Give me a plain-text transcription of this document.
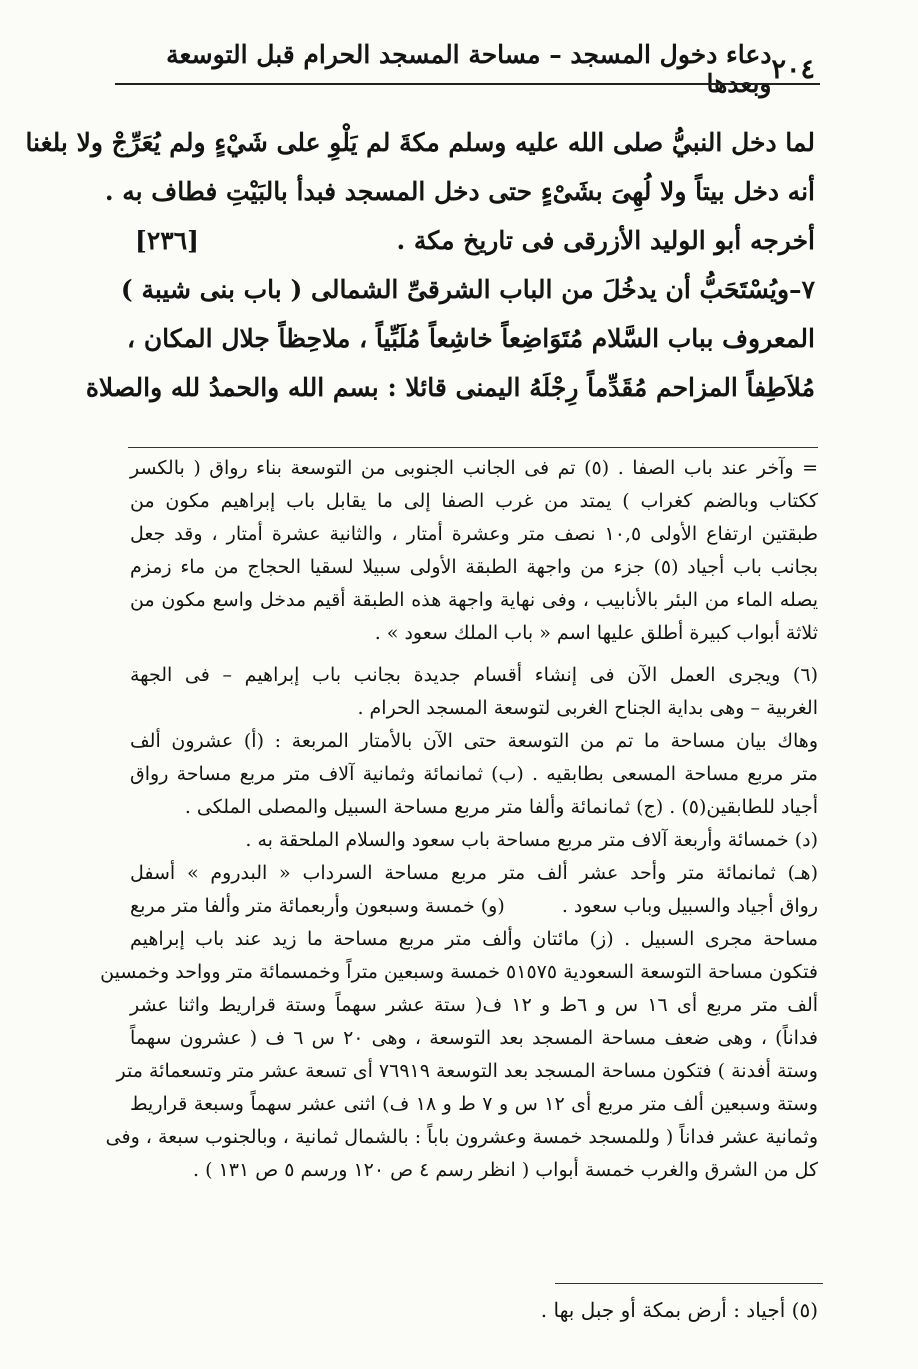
٢٠٤
دعاء دخول المسجد – مساحة المسجد الحرام قبل التوسعة وبعدها
لما دخل النبيُّ صلى الله عليه وسلم مكةَ لم يَلْوِ على شَيْءٍ ولم يُعَرِّجْ ولا بلغنا
أنه دخل بيتاً ولا لُهِىَ بشَىْءٍ حتى دخل المسجد فبدأ بالبَيْتِ فطاف به .
أخرجه أبو الوليد الأزرقى فى تاريخ مكة .
[٢٣٦]
٧–ويُسْتَحَبُّ أن يدخُلَ من الباب الشرقىِّ الشمالى ( باب بنى شيبة )
المعروف بباب السَّلام مُتَوَاضِعاً خاشِعاً مُلَبِّياً ، ملاحِظاً جلال المكان ،
مُلاَطِفاً المزاحم مُقَدِّماً رِجْلَهُ اليمنى قائلا : بسم الله والحمدُ لله والصلاة
= وآخر عند باب الصفا . (٥) تم فى الجانب الجنوبى من التوسعة بناء رواق ( بالكسر
ككتاب وبالضم كغراب ) يمتد من غرب الصفا إلى ما يقابل باب إبراهيم مكون من
طبقتين ارتفاع الأولى ١٠,٥ نصف متر وعشرة أمتار ، والثانية عشرة أمتار ، وقد جعل
بجانب باب أجياد (٥) جزء من واجهة الطبقة الأولى سبيلا لسقيا الحجاج من ماء زمزم
يصله الماء من البئر بالأنابيب ، وفى نهاية واجهة هذه الطبقة أقيم مدخل واسع مكون من
ثلاثة أبواب كبيرة أطلق عليها اسم « باب الملك سعود » .
(٦) ويجرى العمل الآن فى إنشاء أقسام جديدة بجانب باب إبراهيم – فى الجهة
الغربية – وهى بداية الجناح الغربى لتوسعة المسجد الحرام .
وهاك بيان مساحة ما تم من التوسعة حتى الآن بالأمتار المربعة : (أ) عشرون ألف
متر مربع مساحة المسعى بطابقيه . (ب) ثمانمائة وثمانية آلاف متر مربع مساحة رواق
أجياد للطابقين(٥) . (ج) ثمانمائة وألفا متر مربع مساحة السبيل والمصلى الملكى .
(د) خمسائة وأربعة آلاف متر مربع مساحة باب سعود والسلام الملحقة به .
(هـ) ثمانمائة متر وأحد عشر ألف متر مربع مساحة السرداب « البدروم » أسفل
رواق أجياد والسبيل وباب سعود .
(و) خمسة وسبعون وأربعمائة متر وألفا متر مربع
مساحة مجرى السبيل . (ز) مائتان وألف متر مربع مساحة ما زيد عند باب إبراهيم
فتكون مساحة التوسعة السعودية ٥١٥٧٥ خمسة وسبعين متراً وخمسمائة متر وواحد وخمسين
ألف متر مربع أى ١٦ س و ٦ط و ١٢ ف( ستة عشر سهماً وستة قراريط واثنا عشر
فداناً) ، وهى ضعف مساحة المسجد بعد التوسعة ، وهى ٢٠ س ٦ ف ( عشرون سهماً
وستة أفدنة ) فتكون مساحة المسجد بعد التوسعة ٧٦٩١٩ أى تسعة عشر متر وتسعمائة متر
وستة وسبعين ألف متر مربع أى ١٢ س و ٧ ط و ١٨ ف) اثنى عشر سهماً وسبعة قراريط
وثمانية عشر فداناً ( وللمسجد خمسة وعشرون باباً : بالشمال ثمانية ، وبالجنوب سبعة ، وفى
كل من الشرق والغرب خمسة أبواب ( انظر رسم ٤ ص ١٢٠ ورسم ٥ ص ١٣١ ) .
(٥) أجياد : أرض بمكة أو جبل بها .
